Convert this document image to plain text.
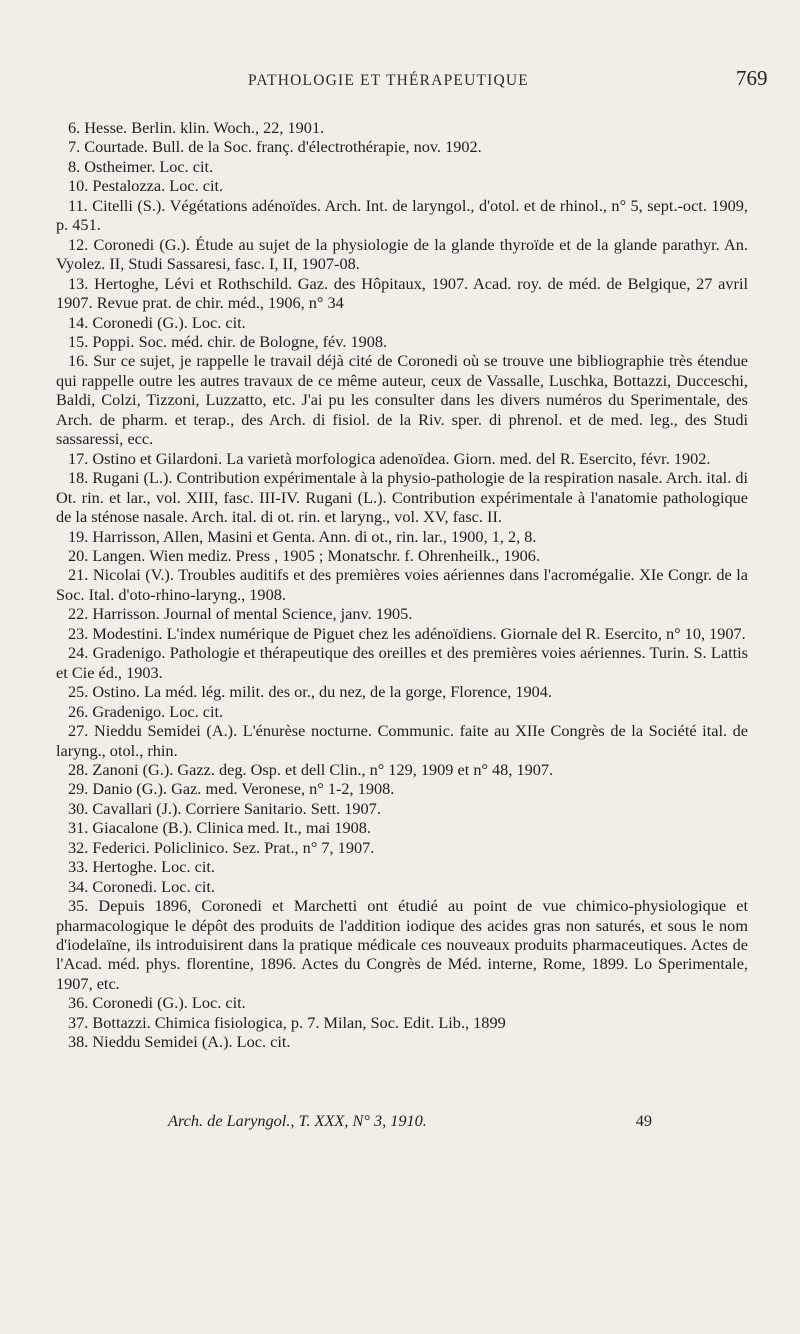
PATHOLOGIE ET THÉRAPEUTIQUE	769

6. Hesse. Berlin. klin. Woch., 22, 1901.

7. Courtade. Bull. de la Soc. franç. d'électrothérapie, nov. 1902.

8. Ostheimer. Loc. cit.

10. Pestalozza. Loc. cit.

11. Citelli (S.). Végétations adénoïdes. Arch. Int. de laryngol., d'otol. et de rhinol., n° 5, sept.-oct. 1909, p. 451.

12. Coronedi (G.). Étude au sujet de la physiologie de la glande thyroïde et de la glande parathyr. An. Vyolez. II, Studi Sassaresi, fasc. I, II, 1907-08.

13. Hertoghe, Lévi et Rothschild. Gaz. des Hôpitaux, 1907. Acad. roy. de méd. de Belgique, 27 avril 1907. Revue prat. de chir. méd., 1906, n° 34

14. Coronedi (G.). Loc. cit.

15. Poppi. Soc. méd. chir. de Bologne, fév. 1908.

16. Sur ce sujet, je rappelle le travail déjà cité de Coronedi où se trouve une bibliographie très étendue qui rappelle outre les autres travaux de ce même auteur, ceux de Vassalle, Luschka, Bottazzi, Ducceschi, Baldi, Colzi, Tizzoni, Luzzatto, etc. J'ai pu les consulter dans les divers numéros du Sperimentale, des Arch. de pharm. et terap., des Arch. di fisiol. de la Riv. sper. di phrenol. et de med. leg., des Studi sassaressi, ecc.

17. Ostino et Gilardoni. La varietà morfologica adenoïdea. Giorn. med. del R. Esercito, févr. 1902.

18. Rugani (L.). Contribution expérimentale à la physio-pathologie de la respiration nasale. Arch. ital. di Ot. rin. et lar., vol. XIII, fasc. III-IV. Rugani (L.). Contribution expérimentale à l'anatomie pathologique de la sténose nasale. Arch. ital. di ot. rin. et laryng., vol. XV, fasc. II.

19. Harrisson, Allen, Masini et Genta. Ann. di ot., rin. lar., 1900, 1, 2, 8.

20. Langen. Wien mediz. Press , 1905 ; Monatschr. f. Ohrenheilk., 1906.

21. Nicolai (V.). Troubles auditifs et des premières voies aériennes dans l'acromégalie. XIe Congr. de la Soc. Ital. d'oto-rhino-laryng., 1908.

22. Harrisson. Journal of mental Science, janv. 1905.

23. Modestini. L'index numérique de Piguet chez les adénoïdiens. Giornale del R. Esercito, n° 10, 1907.

24. Gradenigo. Pathologie et thérapeutique des oreilles et des premières voies aériennes. Turin. S. Lattis et Cie éd., 1903.

25. Ostino. La méd. lég. milit. des or., du nez, de la gorge, Florence, 1904.

26. Gradenigo. Loc. cit.

27. Nieddu Semidei (A.). L'énurèse nocturne. Communic. faite au XIIe Congrès de la Société ital. de laryng., otol., rhin.

28. Zanoni (G.). Gazz. deg. Osp. et dell Clin., n° 129, 1909 et n° 48, 1907.

29. Danio (G.). Gaz. med. Veronese, n° 1-2, 1908.

30. Cavallari (J.). Corriere Sanitario. Sett. 1907.

31. Giacalone (B.). Clinica med. It., mai 1908.

32. Federici. Policlinico. Sez. Prat., n° 7, 1907.

33. Hertoghe. Loc. cit.

34. Coronedi. Loc. cit.

35. Depuis 1896, Coronedi et Marchetti ont étudié au point de vue chimico-physiologique et pharmacologique le dépôt des produits de l'addition iodique des acides gras non saturés, et sous le nom d'iodelaïne, ils introduisirent dans la pratique médicale ces nouveaux produits pharmaceutiques. Actes de l'Acad. méd. phys. florentine, 1896. Actes du Congrès de Méd. interne, Rome, 1899. Lo Sperimentale, 1907, etc.

36. Coronedi (G.). Loc. cit.

37. Bottazzi. Chimica fisiologica, p. 7. Milan, Soc. Edit. Lib., 1899

38. Nieddu Semidei (A.). Loc. cit.

Arch. de Laryngol., T. XXX, N° 3, 1910.	49
